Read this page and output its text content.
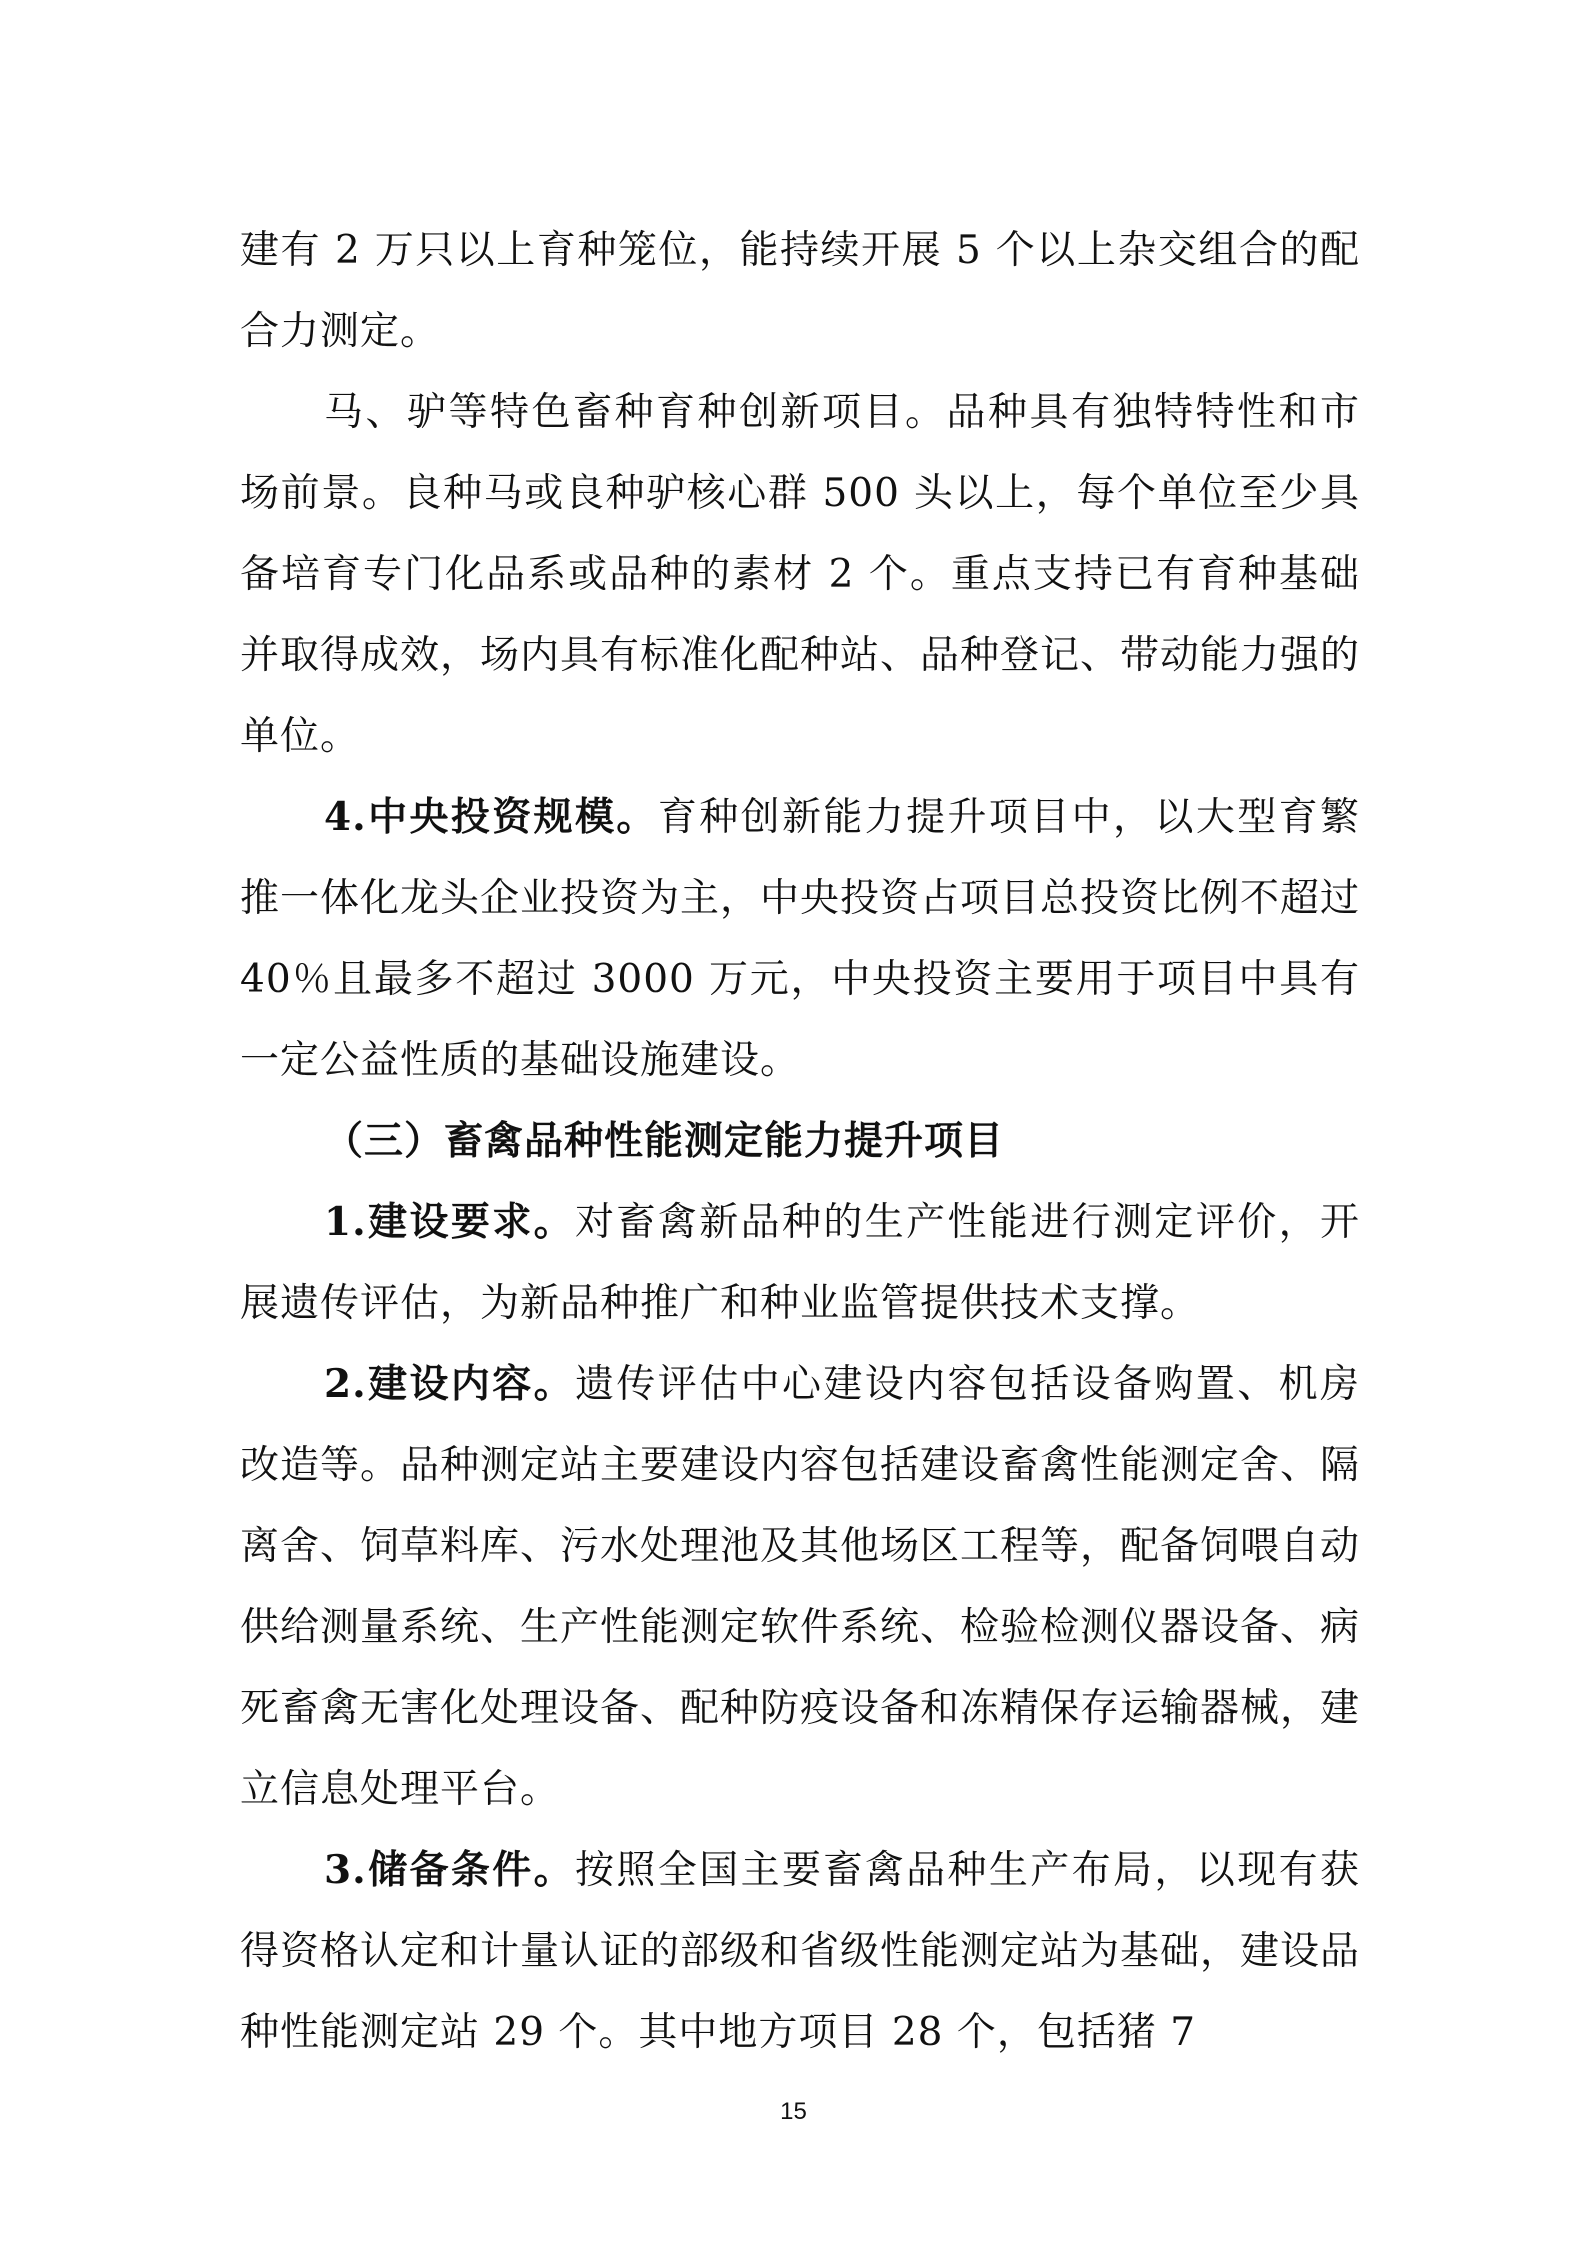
建有 2 万只以上育种笼位，能持续开展 5 个以上杂交组合的配合力测定。

马、驴等特色畜种育种创新项目。品种具有独特特性和市场前景。良种马或良种驴核心群 500 头以上，每个单位至少具备培育专门化品系或品种的素材 2 个。重点支持已有育种基础并取得成效，场内具有标准化配种站、品种登记、带动能力强的单位。

4.中央投资规模。育种创新能力提升项目中，以大型育繁推一体化龙头企业投资为主，中央投资占项目总投资比例不超过 40％且最多不超过 3000 万元，中央投资主要用于项目中具有一定公益性质的基础设施建设。

（三）畜禽品种性能测定能力提升项目

1.建设要求。对畜禽新品种的生产性能进行测定评价，开展遗传评估，为新品种推广和种业监管提供技术支撑。

2.建设内容。遗传评估中心建设内容包括设备购置、机房改造等。品种测定站主要建设内容包括建设畜禽性能测定舍、隔离舍、饲草料库、污水处理池及其他场区工程等，配备饲喂自动供给测量系统、生产性能测定软件系统、检验检测仪器设备、病死畜禽无害化处理设备、配种防疫设备和冻精保存运输器械，建立信息处理平台。

3.储备条件。按照全国主要畜禽品种生产布局，以现有获得资格认定和计量认证的部级和省级性能测定站为基础，建设品种性能测定站 29 个。其中地方项目 28 个，包括猪 7

15
